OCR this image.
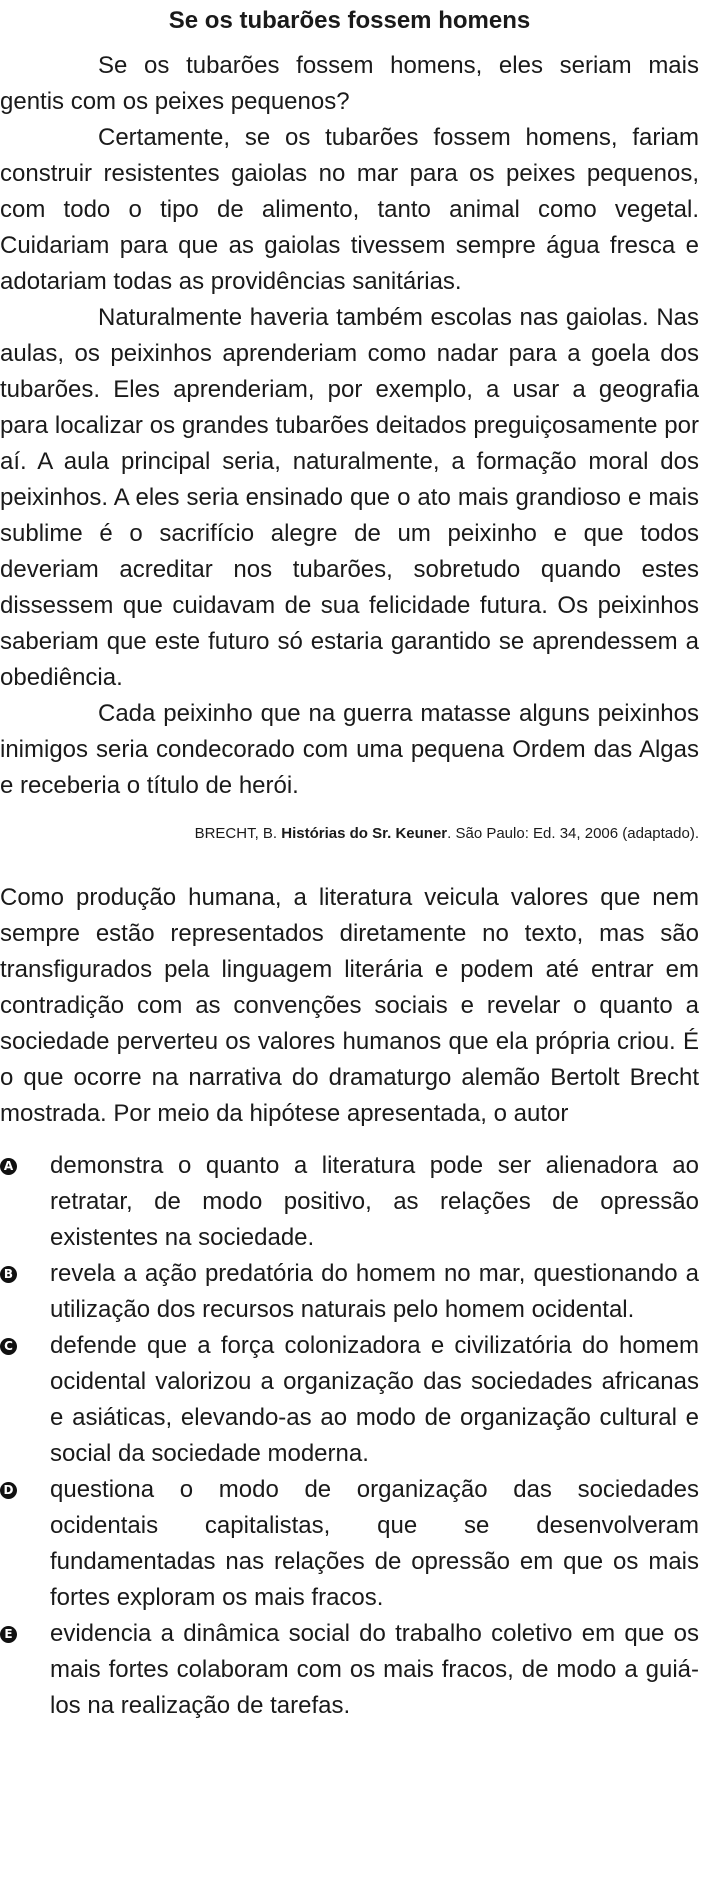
Se os tubarões fossem homens

Se os tubarões fossem homens, eles seriam mais gentis com os peixes pequenos?

Certamente, se os tubarões fossem homens, fariam construir resistentes gaiolas no mar para os peixes pequenos, com todo o tipo de alimento, tanto animal como vegetal. Cuidariam para que as gaiolas tivessem sempre água fresca e adotariam todas as providências sanitárias.

Naturalmente haveria também escolas nas gaiolas. Nas aulas, os peixinhos aprenderiam como nadar para a goela dos tubarões. Eles aprenderiam, por exemplo, a usar a geografia para localizar os grandes tubarões deitados preguiçosamente por aí. A aula principal seria, naturalmente, a formação moral dos peixinhos. A eles seria ensinado que o ato mais grandioso e mais sublime é o sacrifício alegre de um peixinho e que todos deveriam acreditar nos tubarões, sobretudo quando estes dissessem que cuidavam de sua felicidade futura. Os peixinhos saberiam que este futuro só estaria garantido se aprendessem a obediência.

Cada peixinho que na guerra matasse alguns peixinhos inimigos seria condecorado com uma pequena Ordem das Algas e receberia o título de herói.

BRECHT, B. Histórias do Sr. Keuner. São Paulo: Ed. 34, 2006 (adaptado).
Como produção humana, a literatura veicula valores que nem sempre estão representados diretamente no texto, mas são transfigurados pela linguagem literária e podem até entrar em contradição com as convenções sociais e revelar o quanto a sociedade perverteu os valores humanos que ela própria criou. É o que ocorre na narrativa do dramaturgo alemão Bertolt Brecht mostrada. Por meio da hipótese apresentada, o autor
A demonstra o quanto a literatura pode ser alienadora ao retratar, de modo positivo, as relações de opressão existentes na sociedade.
B revela a ação predatória do homem no mar, questionando a utilização dos recursos naturais pelo homem ocidental.
C defende que a força colonizadora e civilizatória do homem ocidental valorizou a organização das sociedades africanas e asiáticas, elevando-as ao modo de organização cultural e social da sociedade moderna.
D questiona o modo de organização das sociedades ocidentais capitalistas, que se desenvolveram fundamentadas nas relações de opressão em que os mais fortes exploram os mais fracos.
E evidencia a dinâmica social do trabalho coletivo em que os mais fortes colaboram com os mais fracos, de modo a guiá-los na realização de tarefas.
